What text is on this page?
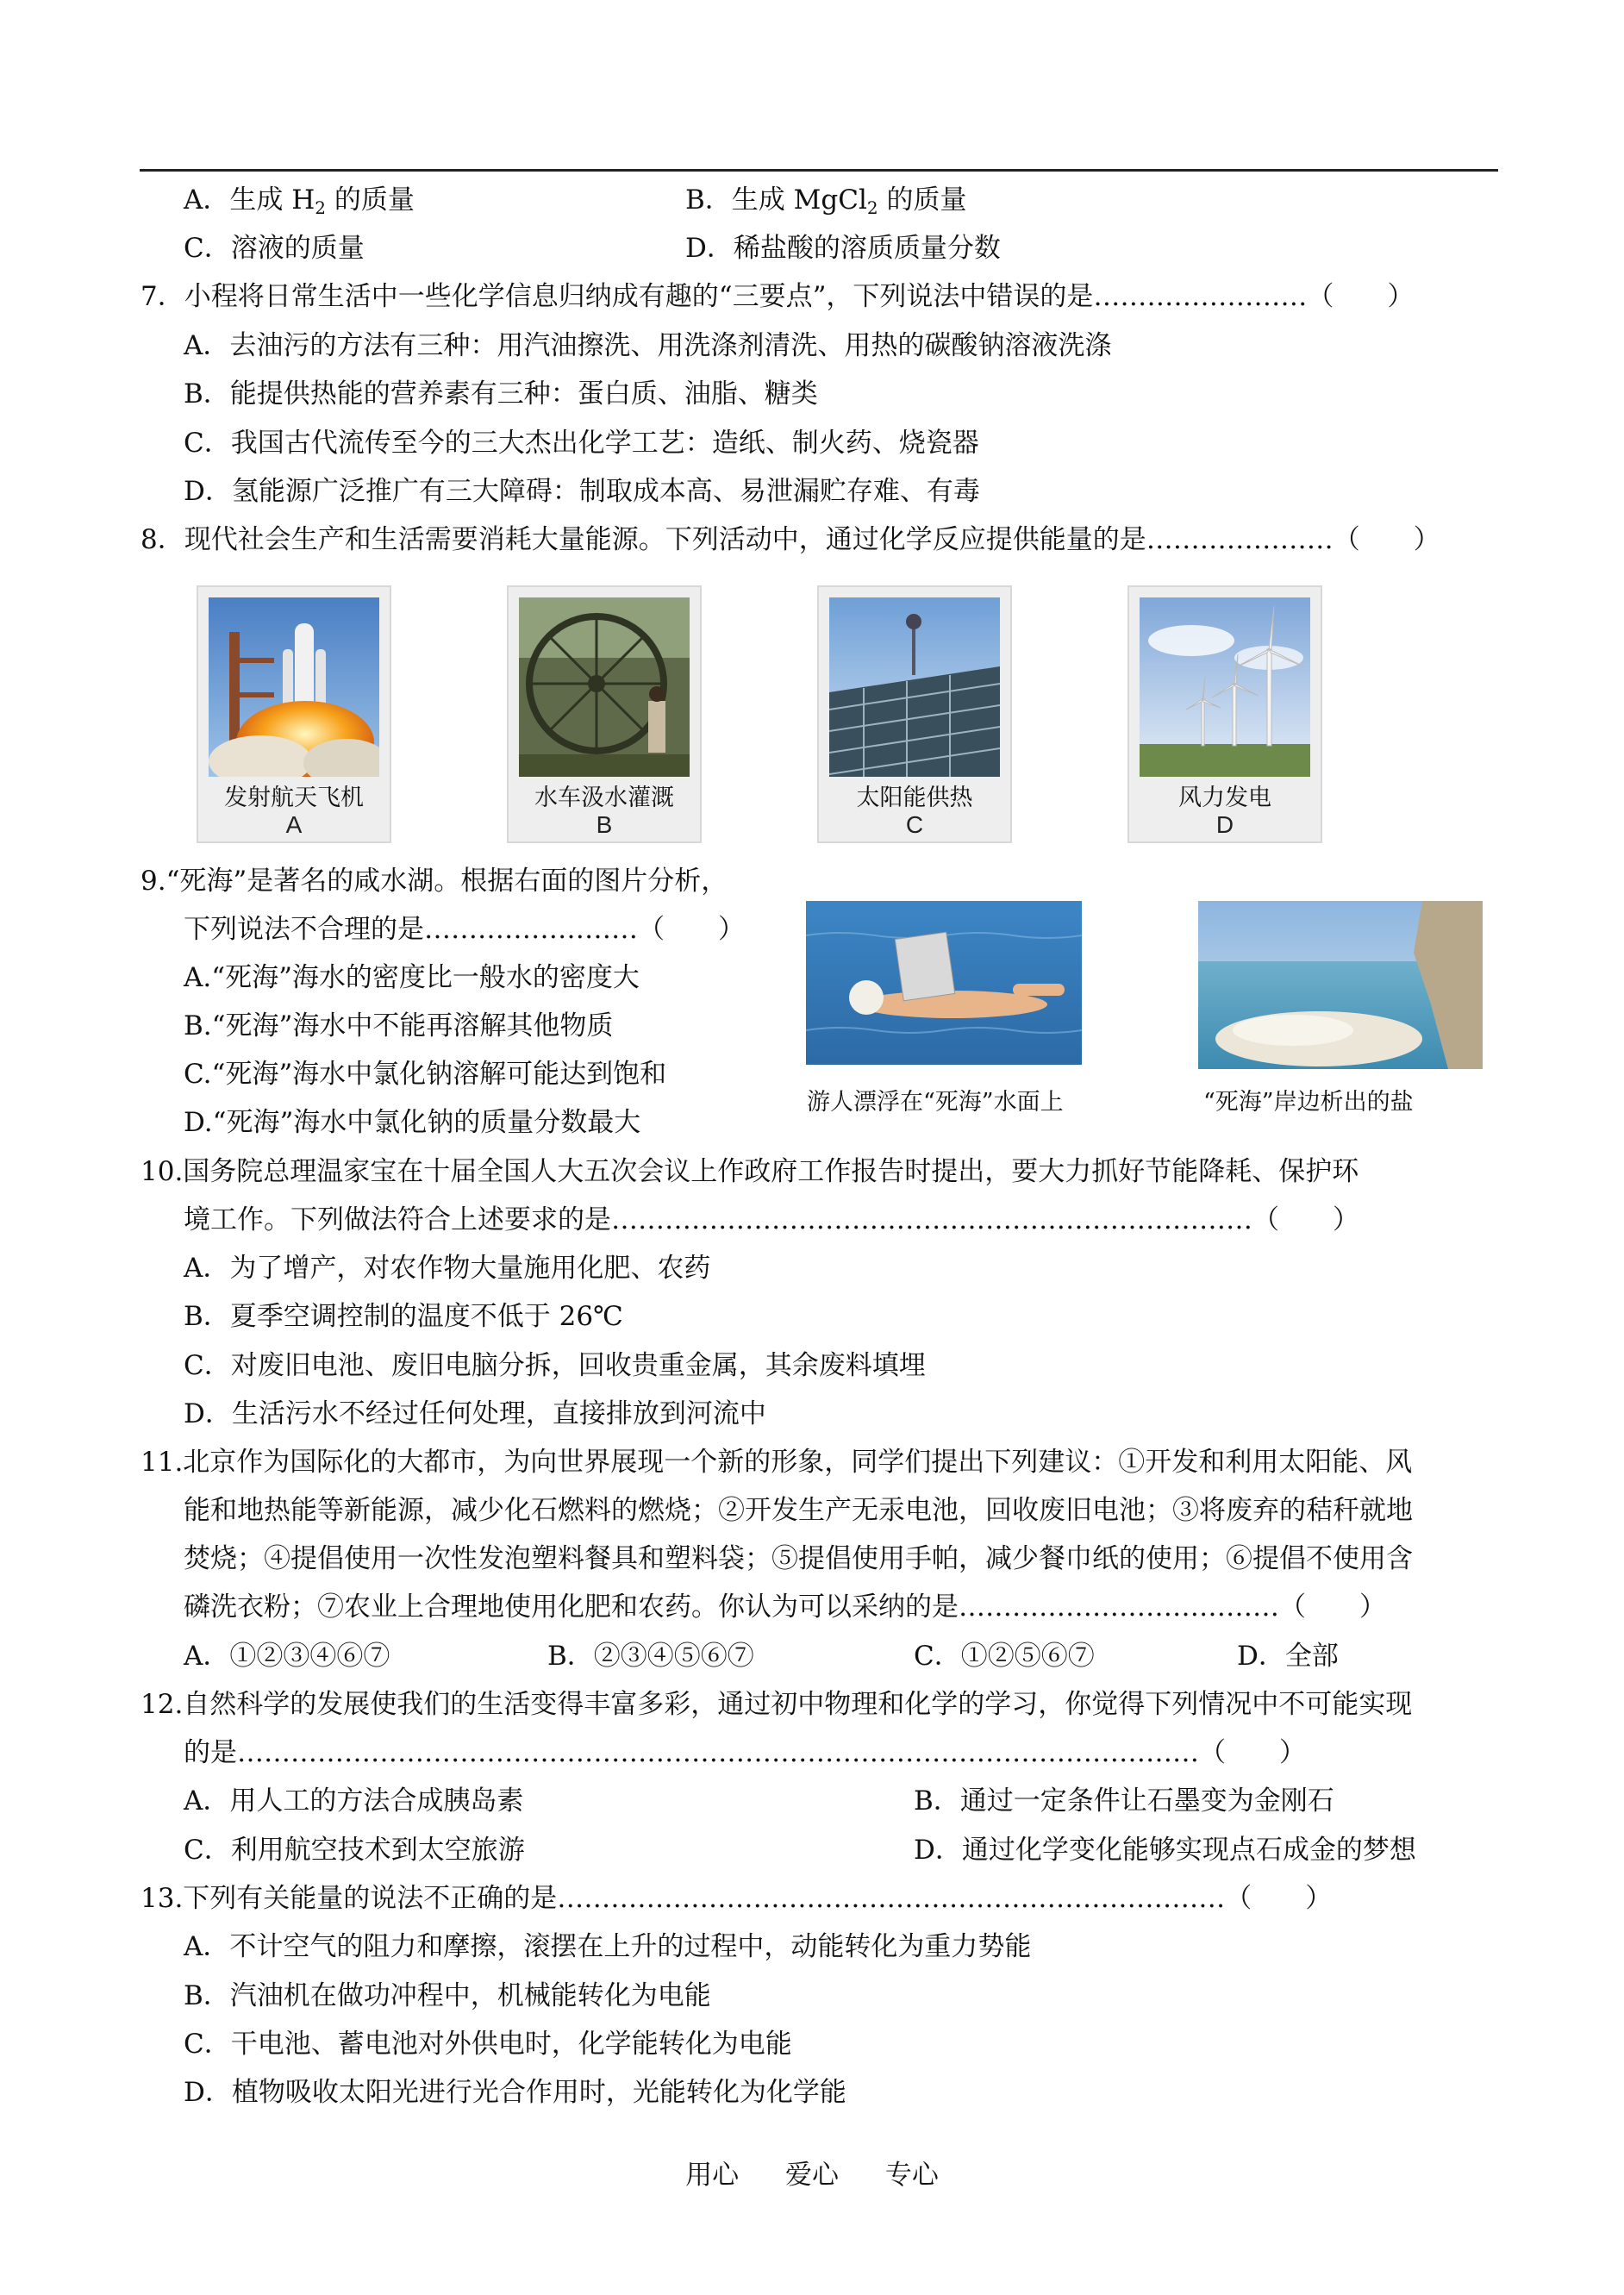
A．生成 $H_2$ 的质量	B．生成 MgCl$_2$ 的质量
C．溶液的质量	D．稀盐酸的溶质质量分数
7．小程将日常生活中一些化学信息归纳成有趣的“三要点”，下列说法中错误的是……………………（　　）
A．去油污的方法有三种：用汽油擦洗、用洗涤剂清洗、用热的碳酸钠溶液洗涤
B．能提供热能的营养素有三种：蛋白质、油脂、糖类
C．我国古代流传至今的三大杰出化学工艺：造纸、制火药、烧瓷器
D．氢能源广泛推广有三大障碍：制取成本高、易泄漏贮存难、有毒
8．现代社会生产和生活需要消耗大量能源。下列活动中，通过化学反应提供能量的是…………………（　　）
发射航天飞机
A
水车汲水灌溉
B
太阳能供热
C
风力发电
D
9.“死海”是著名的咸水湖。根据右面的图片分析，
下列说法不合理的是……………………（　　）
A.“死海”海水的密度比一般水的密度大
B.“死海”海水中不能再溶解其他物质
C.“死海”海水中氯化钠溶解可能达到饱和
D.“死海”海水中氯化钠的质量分数最大
游人漂浮在“死海”水面上	“死海”岸边析出的盐
10.国务院总理温家宝在十届全国人大五次会议上作政府工作报告时提出，要大力抓好节能降耗、保护环
境工作。下列做法符合上述要求的是………………………………………………………………（　　）
A．为了增产，对农作物大量施用化肥、农药
B．夏季空调控制的温度不低于 26℃
C．对废旧电池、废旧电脑分拆，回收贵重金属，其余废料填埋
D．生活污水不经过任何处理，直接排放到河流中
11.北京作为国际化的大都市，为向世界展现一个新的形象，同学们提出下列建议：①开发和利用太阳能、风
能和地热能等新能源，减少化石燃料的燃烧；②开发生产无汞电池，回收废旧电池；③将废弃的秸秆就地
焚烧；④提倡使用一次性发泡塑料餐具和塑料袋；⑤提倡使用手帕，减少餐巾纸的使用；⑥提倡不使用含
磷洗衣粉；⑦农业上合理地使用化肥和农药。你认为可以采纳的是………………………………（　　）
A．①②③④⑥⑦	B．②③④⑤⑥⑦	C．①②⑤⑥⑦	D．全部
12.自然科学的发展使我们的生活变得丰富多彩，通过初中物理和化学的学习，你觉得下列情况中不可能实现
的是………………………………………………………………………………………………（　　）
A．用人工的方法合成胰岛素	B．通过一定条件让石墨变为金刚石
C．利用航空技术到太空旅游	D．通过化学变化能够实现点石成金的梦想
13.下列有关能量的说法不正确的是…………………………………………………………………（　　）
A．不计空气的阻力和摩擦，滚摆在上升的过程中，动能转化为重力势能
B．汽油机在做功冲程中，机械能转化为电能
C．干电池、蓄电池对外供电时，化学能转化为电能
D．植物吸收太阳光进行光合作用时，光能转化为化学能
用心 爱心 专心
